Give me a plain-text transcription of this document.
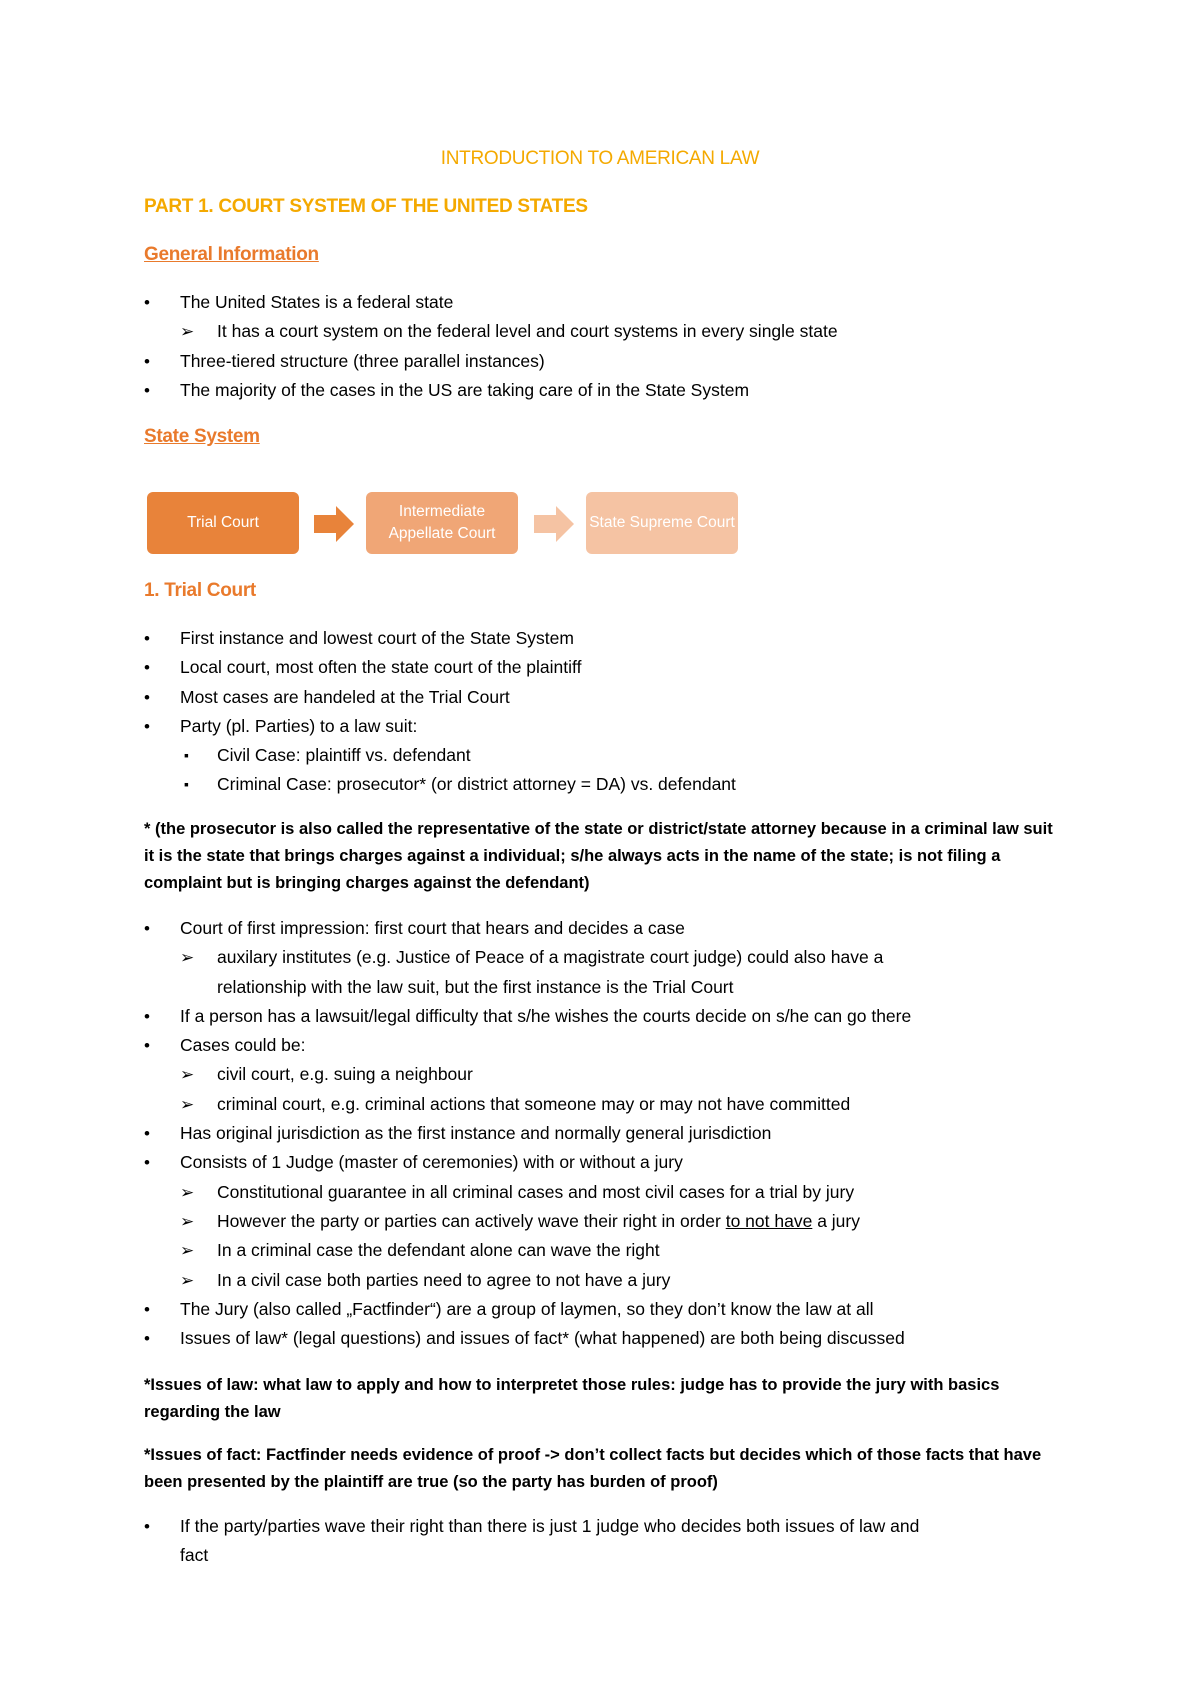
INTRODUCTION TO AMERICAN LAW
PART 1. COURT SYSTEM OF THE UNITED STATES
General Information
• The United States is a federal state
➢ It has a court system on the federal level and court systems in every single state
• Three-tiered structure (three parallel instances)
• The majority of the cases in the US are taking care of in the State System
State System
Trial Court
Intermediate Appellate Court
State Supreme Court
1. Trial Court
• First instance and lowest court of the State System
• Local court, most often the state court of the plaintiff
• Most cases are handeled at the Trial Court
• Party (pl. Parties) to a law suit:
▪ Civil Case: plaintiff vs. defendant
▪ Criminal Case: prosecutor* (or district attorney = DA) vs. defendant
* (the prosecutor is also called the representative of the state or district/state attorney because in a criminal law suit it is the state that brings charges against a individual; s/he always acts in the name of the state; is not filing a complaint but is bringing charges against the defendant)
• Court of first impression: first court that hears and decides a case
➢ auxilary institutes (e.g. Justice of Peace of a magistrate court judge) could also have a
relationship with the law suit, but the first instance is the Trial Court
• If a person has a lawsuit/legal difficulty that s/he wishes the courts decide on s/he can go there
• Cases could be:
➢ civil court, e.g. suing a neighbour
➢ criminal court, e.g. criminal actions that someone may or may not have committed
• Has original jurisdiction as the first instance and normally general jurisdiction
• Consists of 1 Judge (master of ceremonies) with or without a jury
➢ Constitutional guarantee in all criminal cases and most civil cases for a trial by jury
➢ However the party or parties can actively wave their right in order to not have a jury
➢ In a criminal case the defendant alone can wave the right
➢ In a civil case both parties need to agree to not have a jury
• The Jury (also called „Factfinder“) are a group of laymen, so they don’t know the law at all
• Issues of law* (legal questions) and issues of fact* (what happened) are both being discussed
*Issues of law: what law to apply and how to interpretet those rules: judge has to provide the jury with basics regarding the law
*Issues of fact: Factfinder needs evidence of proof -> don’t collect facts but decides which of those facts that have been presented by the plaintiff are true (so the party has burden of proof)
• If the party/parties wave their right than there is just 1 judge who decides both issues of law and
fact
